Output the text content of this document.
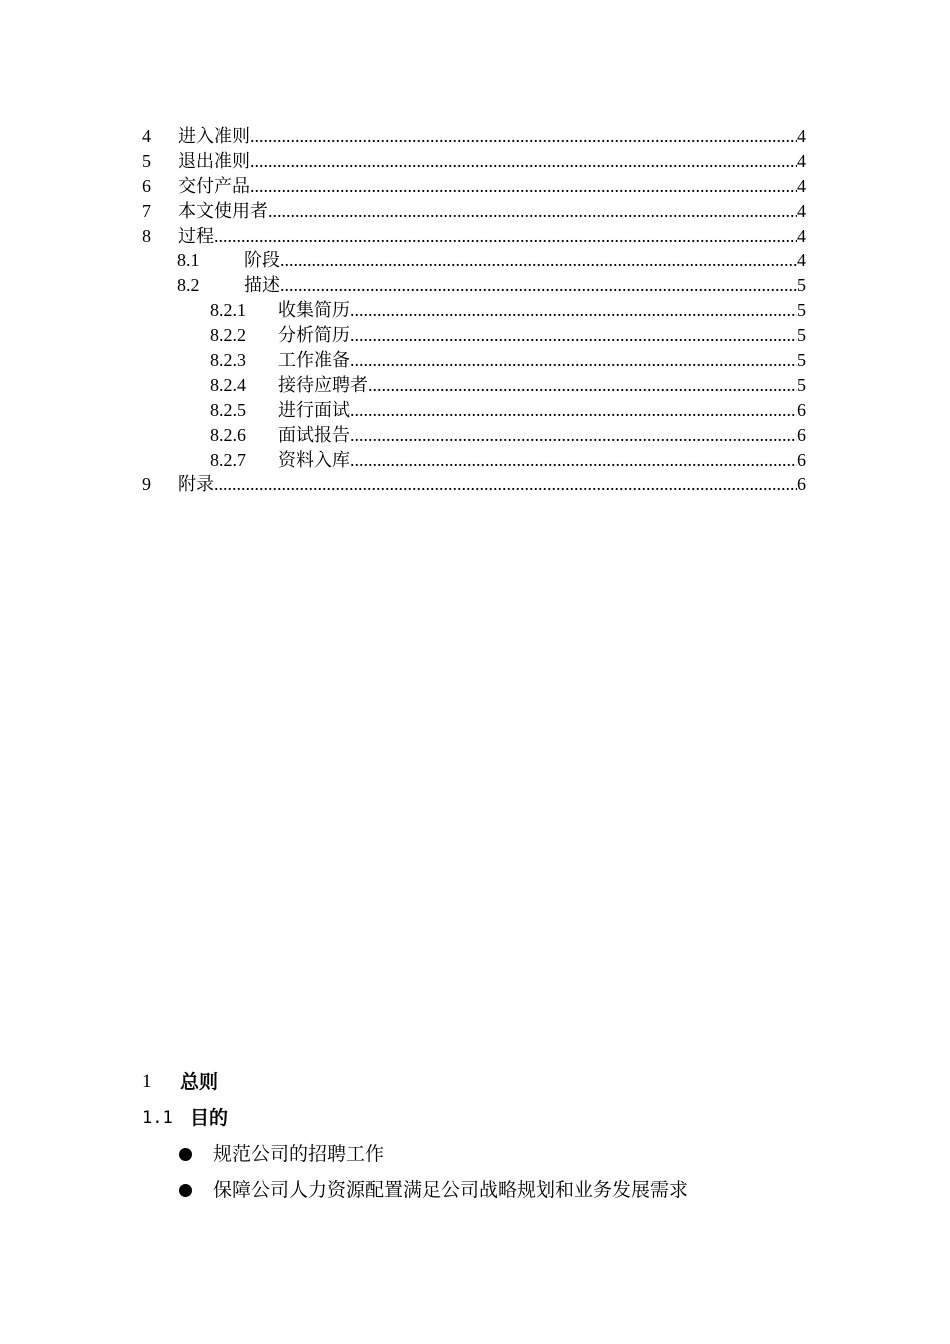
4	进入准则 .....	4
5	退出准则 .....	4
6	交付产品 .....	4
7	本文使用者 .....	4
8	过程 .....	4
8.1	阶段 .....	4
8.2	描述 .....	5
8.2.1	收集简历 .....	5
8.2.2	分析简历 .....	5
8.2.3	工作准备 .....	5
8.2.4	接待应聘者 .....	5
8.2.5	进行面试 .....	6
8.2.6	面试报告 .....	6
8.2.7	资料入库 .....	6
9	附录 .....	6
1	总则
1.1 目的
规范公司的招聘工作
保障公司人力资源配置满足公司战略规划和业务发展需求
